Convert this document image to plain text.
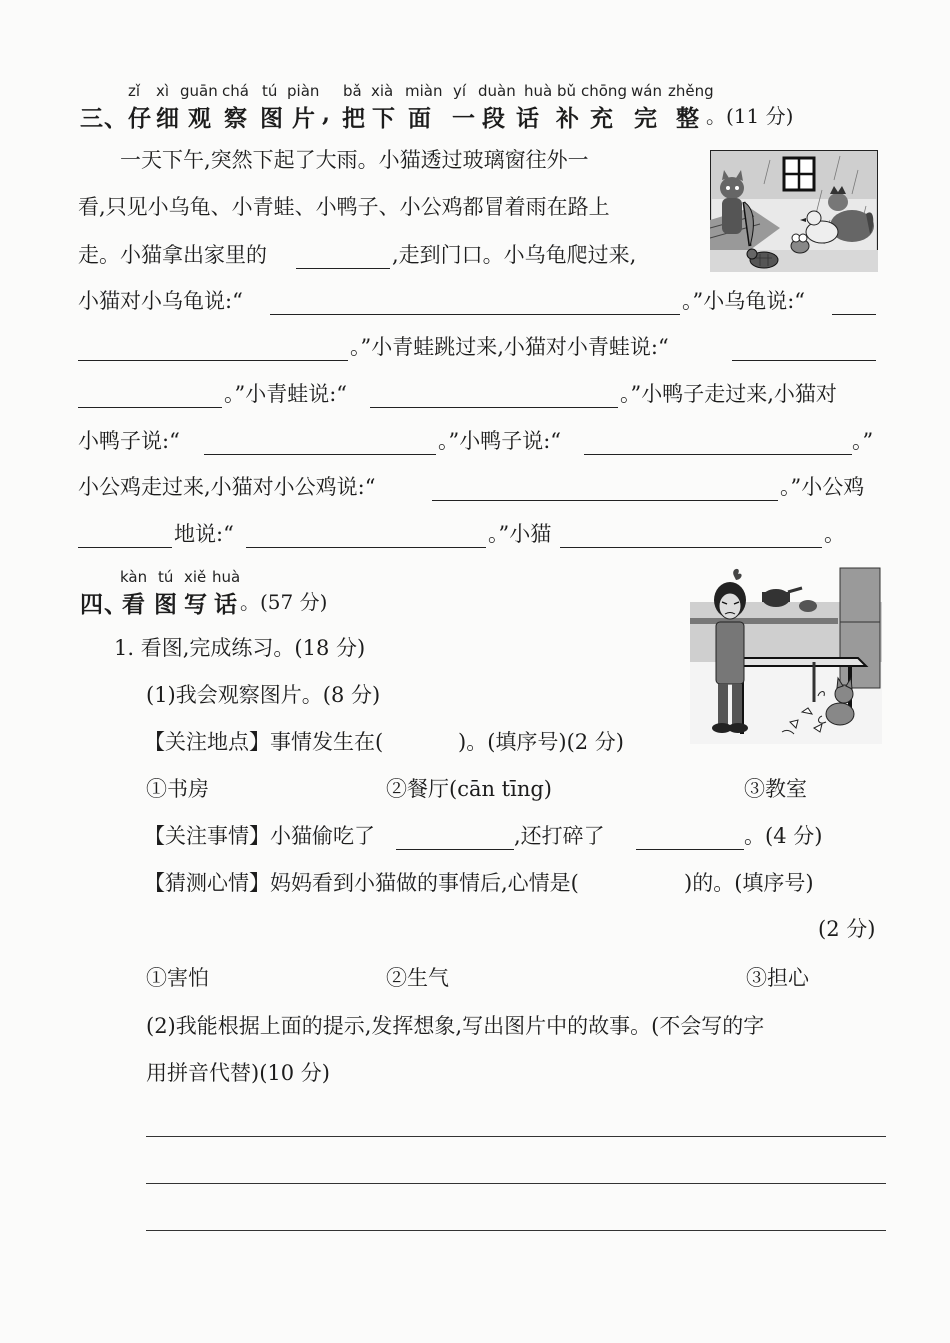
zǐ xì guān chá tú piàn bǎ xià miàn yí duàn huà bǔ chōng wán zhěng
三、 仔 细 观 察 图 片 , 把 下 面 一 段 话 补 充 完 整 。(11 分)
一天下午,突然下起了大雨。小猫透过玻璃窗往外一
看,只见小乌龟、小青蛙、小鸭子、小公鸡都冒着雨在路上
走。小猫拿出家里的	,走到门口。小乌龟爬过来,
小猫对小乌龟说:“	。”小乌龟说:“
。”小青蛙跳过来,小猫对小青蛙说:“
。”小青蛙说:“	。”小鸭子走过来,小猫对
小鸭子说:“	。”小鸭子说:“	。”
小公鸡走过来,小猫对小公鸡说:“	。”小公鸡
地说:“	。”小猫	。
kàn tú xiě huà
四、
看 图 写 话 。(57 分)
1. 看图,完成练习。(18 分)
(1)我会观察图片。(8 分)
【关注地点】事情发生在(	)。(填序号)(2 分)
①书房	②餐厅(cān tīng)	③教室
【关注事情】小猫偷吃了	,还打碎了	。(4 分)
【猜测心情】妈妈看到小猫做的事情后,心情是(	)的。(填序号)
(2 分)
①害怕	②生气	③担心
(2)我能根据上面的提示,发挥想象,写出图片中的故事。(不会写的字
用拼音代替)(10 分)
